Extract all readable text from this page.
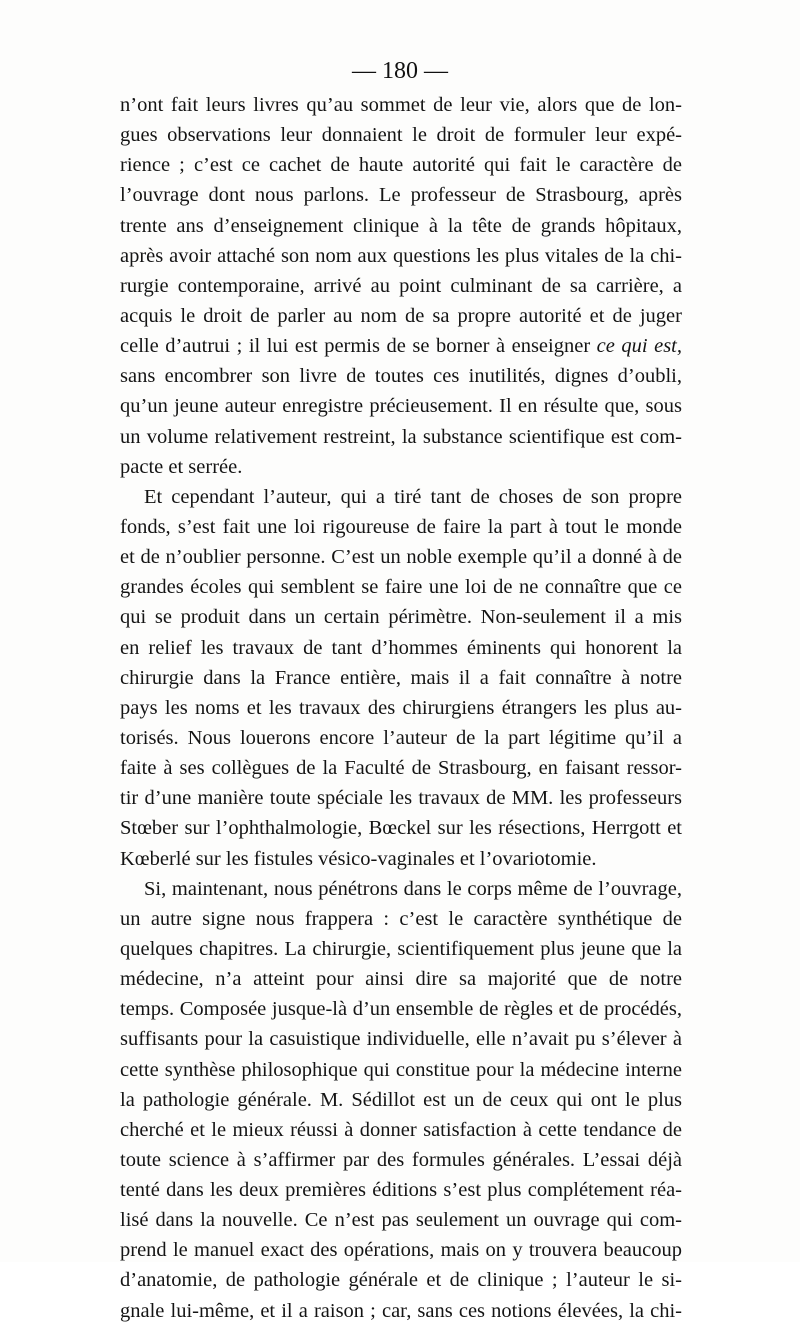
— 180 —
n’ont fait leurs livres qu’au sommet de leur vie, alors que de lon-
gues observations leur donnaient le droit de formuler leur expé-
rience ; c’est ce cachet de haute autorité qui fait le caractère de
l’ouvrage dont nous parlons. Le professeur de Strasbourg, après
trente ans d’enseignement clinique à la tête de grands hôpitaux,
après avoir attaché son nom aux questions les plus vitales de la chi-
rurgie contemporaine, arrivé au point culminant de sa carrière, a
acquis le droit de parler au nom de sa propre autorité et de juger
celle d’autrui ; il lui est permis de se borner à enseigner ce qui est,
sans encombrer son livre de toutes ces inutilités, dignes d’oubli,
qu’un jeune auteur enregistre précieusement. Il en résulte que, sous
un volume relativement restreint, la substance scientifique est com-
pacte et serrée.
Et cependant l’auteur, qui a tiré tant de choses de son propre
fonds, s’est fait une loi rigoureuse de faire la part à tout le monde
et de n’oublier personne. C’est un noble exemple qu’il a donné à de
grandes écoles qui semblent se faire une loi de ne connaître que ce
qui se produit dans un certain périmètre. Non-seulement il a mis
en relief les travaux de tant d’hommes éminents qui honorent la
chirurgie dans la France entière, mais il a fait connaître à notre
pays les noms et les travaux des chirurgiens étrangers les plus au-
torisés. Nous louerons encore l’auteur de la part légitime qu’il a
faite à ses collègues de la Faculté de Strasbourg, en faisant ressor-
tir d’une manière toute spéciale les travaux de MM. les professeurs
Stœber sur l’ophthalmologie, Bœckel sur les résections, Herrgott et
Kœberlé sur les fistules vésico-vaginales et l’ovariotomie.
Si, maintenant, nous pénétrons dans le corps même de l’ouvrage,
un autre signe nous frappera : c’est le caractère synthétique de
quelques chapitres. La chirurgie, scientifiquement plus jeune que la
médecine, n’a atteint pour ainsi dire sa majorité que de notre
temps. Composée jusque-là d’un ensemble de règles et de procédés,
suffisants pour la casuistique individuelle, elle n’avait pu s’élever à
cette synthèse philosophique qui constitue pour la médecine interne
la pathologie générale. M. Sédillot est un de ceux qui ont le plus
cherché et le mieux réussi à donner satisfaction à cette tendance de
toute science à s’affirmer par des formules générales. L’essai déjà
tenté dans les deux premières éditions s’est plus complétement réa-
lisé dans la nouvelle. Ce n’est pas seulement un ouvrage qui com-
prend le manuel exact des opérations, mais on y trouvera beaucoup
d’anatomie, de pathologie générale et de clinique ; l’auteur le si-
gnale lui-même, et il a raison ; car, sans ces notions élevées, la chi-
